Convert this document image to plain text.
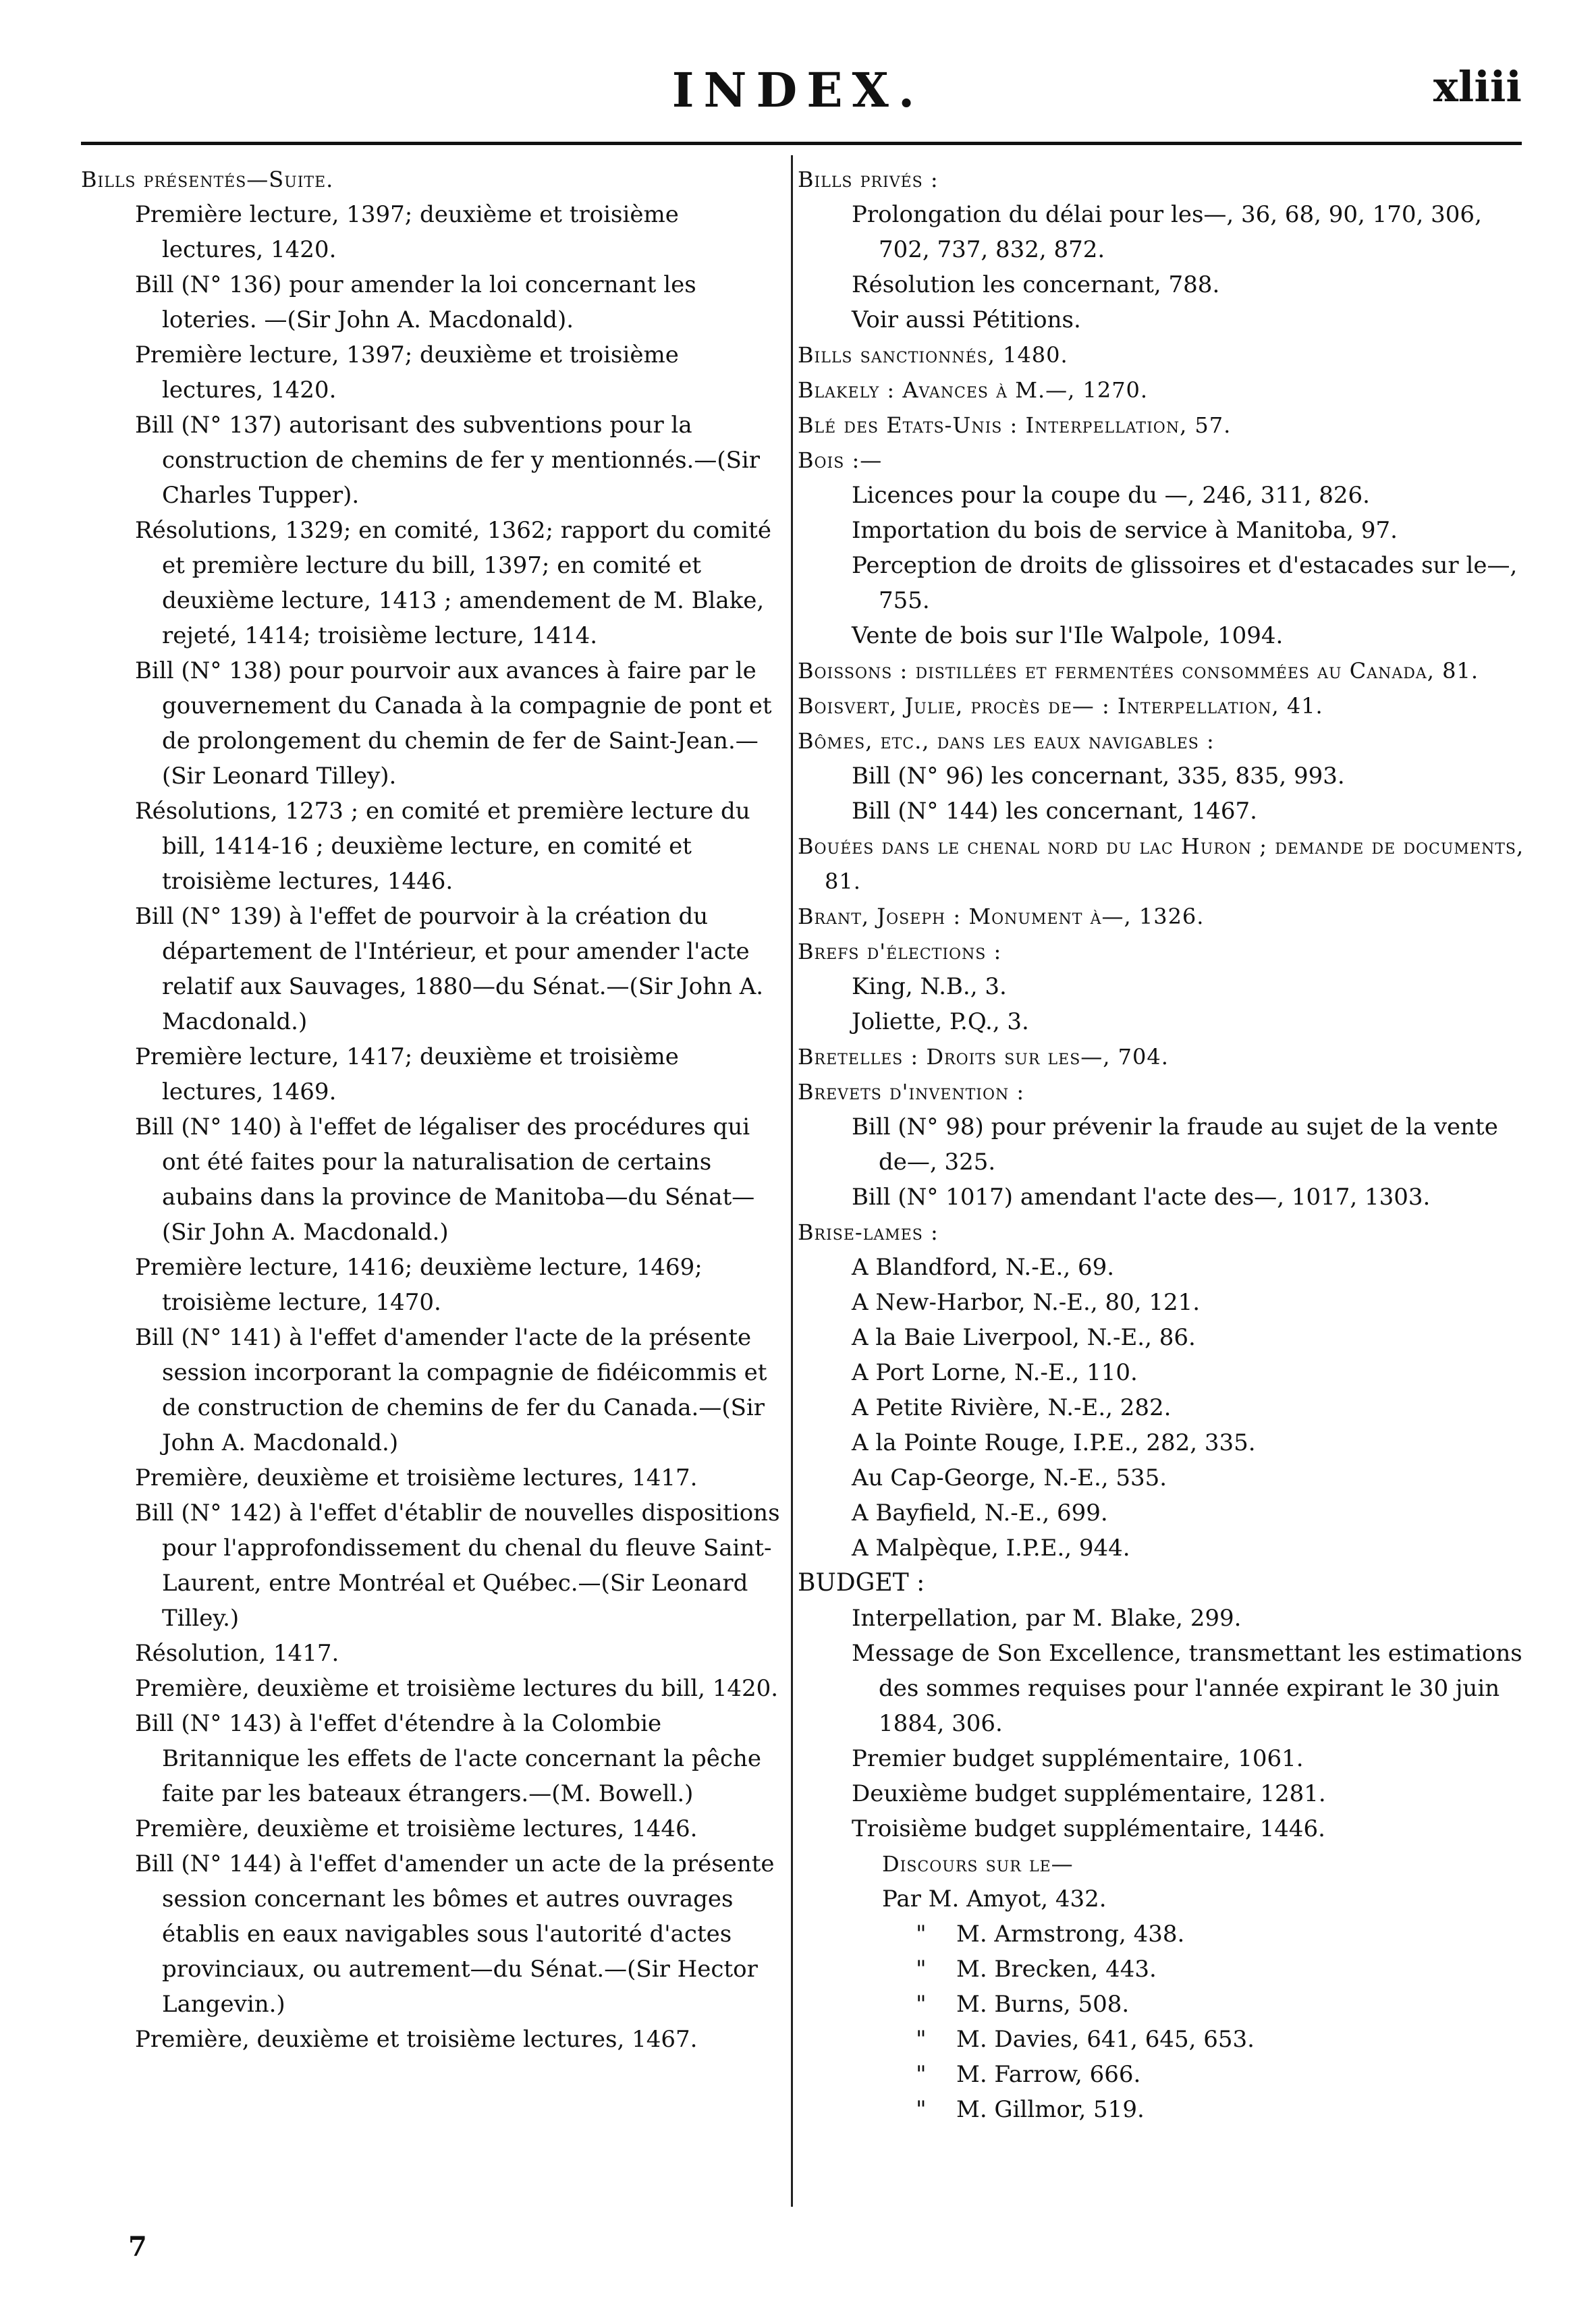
INDEX.	xliii
Bills présentés—Suite.
Première lecture, 1397; deuxième et troisième lectures, 1420.
Bill (N° 136) pour amender la loi concernant les loteries. —(Sir John A. Macdonald).
Première lecture, 1397; deuxième et troisième lectures, 1420.
Bill (N° 137) autorisant des subventions pour la construction de chemins de fer y mentionnés.—(Sir Charles Tupper).
Résolutions, 1329; en comité, 1362; rapport du comité et première lecture du bill, 1397; en comité et deuxième lecture, 1413 ; amendement de M. Blake, rejeté, 1414; troisième lecture, 1414.
Bill (N° 138) pour pourvoir aux avances à faire par le gouvernement du Canada à la compagnie de pont et de prolongement du chemin de fer de Saint-Jean.—(Sir Leonard Tilley).
Résolutions, 1273 ; en comité et première lecture du bill, 1414-16 ; deuxième lecture, en comité et troisième lectures, 1446.
Bill (N° 139) à l'effet de pourvoir à la création du département de l'Intérieur, et pour amender l'acte relatif aux Sauvages, 1880—du Sénat.—(Sir John A. Macdonald.)
Première lecture, 1417; deuxième et troisième lectures, 1469.
Bill (N° 140) à l'effet de légaliser des procédures qui ont été faites pour la naturalisation de certains aubains dans la province de Manitoba—du Sénat—(Sir John A. Macdonald.)
Première lecture, 1416; deuxième lecture, 1469; troisième lecture, 1470.
Bill (N° 141) à l'effet d'amender l'acte de la présente session incorporant la compagnie de fidéicommis et de construction de chemins de fer du Canada.—(Sir John A. Macdonald.)
Première, deuxième et troisième lectures, 1417.
Bill (N° 142) à l'effet d'établir de nouvelles dispositions pour l'approfondissement du chenal du fleuve Saint-Laurent, entre Montréal et Québec.—(Sir Leonard Tilley.)
Résolution, 1417.
Première, deuxième et troisième lectures du bill, 1420.
Bill (N° 143) à l'effet d'étendre à la Colombie Britannique les effets de l'acte concernant la pêche faite par les bateaux étrangers.—(M. Bowell.)
Première, deuxième et troisième lectures, 1446.
Bill (N° 144) à l'effet d'amender un acte de la présente session concernant les bômes et autres ouvrages établis en eaux navigables sous l'autorité d'actes provinciaux, ou autrement—du Sénat.—(Sir Hector Langevin.)
Première, deuxième et troisième lectures, 1467.
Bills privés :
Prolongation du délai pour les—, 36, 68, 90, 170, 306, 702, 737, 832, 872.
Résolution les concernant, 788.
Voir aussi Pétitions.
Bills sanctionnés, 1480.
Blakely : Avances à M.—, 1270.
Blé des Etats-Unis : Interpellation, 57.
Bois :—
Licences pour la coupe du —, 246, 311, 826.
Importation du bois de service à Manitoba, 97.
Perception de droits de glissoires et d'estacades sur le—, 755.
Vente de bois sur l'Ile Walpole, 1094.
Boissons : distillées et fermentées consommées au Canada, 81.
Boisvert, Julie, procès de— : Interpellation, 41.
Bômes, etc., dans les eaux navigables :
Bill (N° 96) les concernant, 335, 835, 993.
Bill (N° 144) les concernant, 1467.
Bouées dans le chenal nord du lac Huron ; demande de documents, 81.
Brant, Joseph : Monument à—, 1326.
Brefs d'élections :
King, N.B., 3.
Joliette, P.Q., 3.
Bretelles : Droits sur les—, 704.
Brevets d'invention :
Bill (N° 98) pour prévenir la fraude au sujet de la vente de—, 325.
Bill (N° 1017) amendant l'acte des—, 1017, 1303.
Brise-lames :
A Blandford, N.-E., 69.
A New-Harbor, N.-E., 80, 121.
A la Baie Liverpool, N.-E., 86.
A Port Lorne, N.-E., 110.
A Petite Rivière, N.-E., 282.
A la Pointe Rouge, I.P.E., 282, 335.
Au Cap-George, N.-E., 535.
A Bayfield, N.-E., 699.
A Malpèque, I.P.E., 944.
BUDGET :
Interpellation, par M. Blake, 299.
Message de Son Excellence, transmettant les estimations des sommes requises pour l'année expirant le 30 juin 1884, 306.
Premier budget supplémentaire, 1061.
Deuxième budget supplémentaire, 1281.
Troisième budget supplémentaire, 1446.
Discours sur le—
Par M. Amyot, 432.
" M. Armstrong, 438.
" M. Brecken, 443.
" M. Burns, 508.
" M. Davies, 641, 645, 653.
" M. Farrow, 666.
" M. Gillmor, 519.
7
